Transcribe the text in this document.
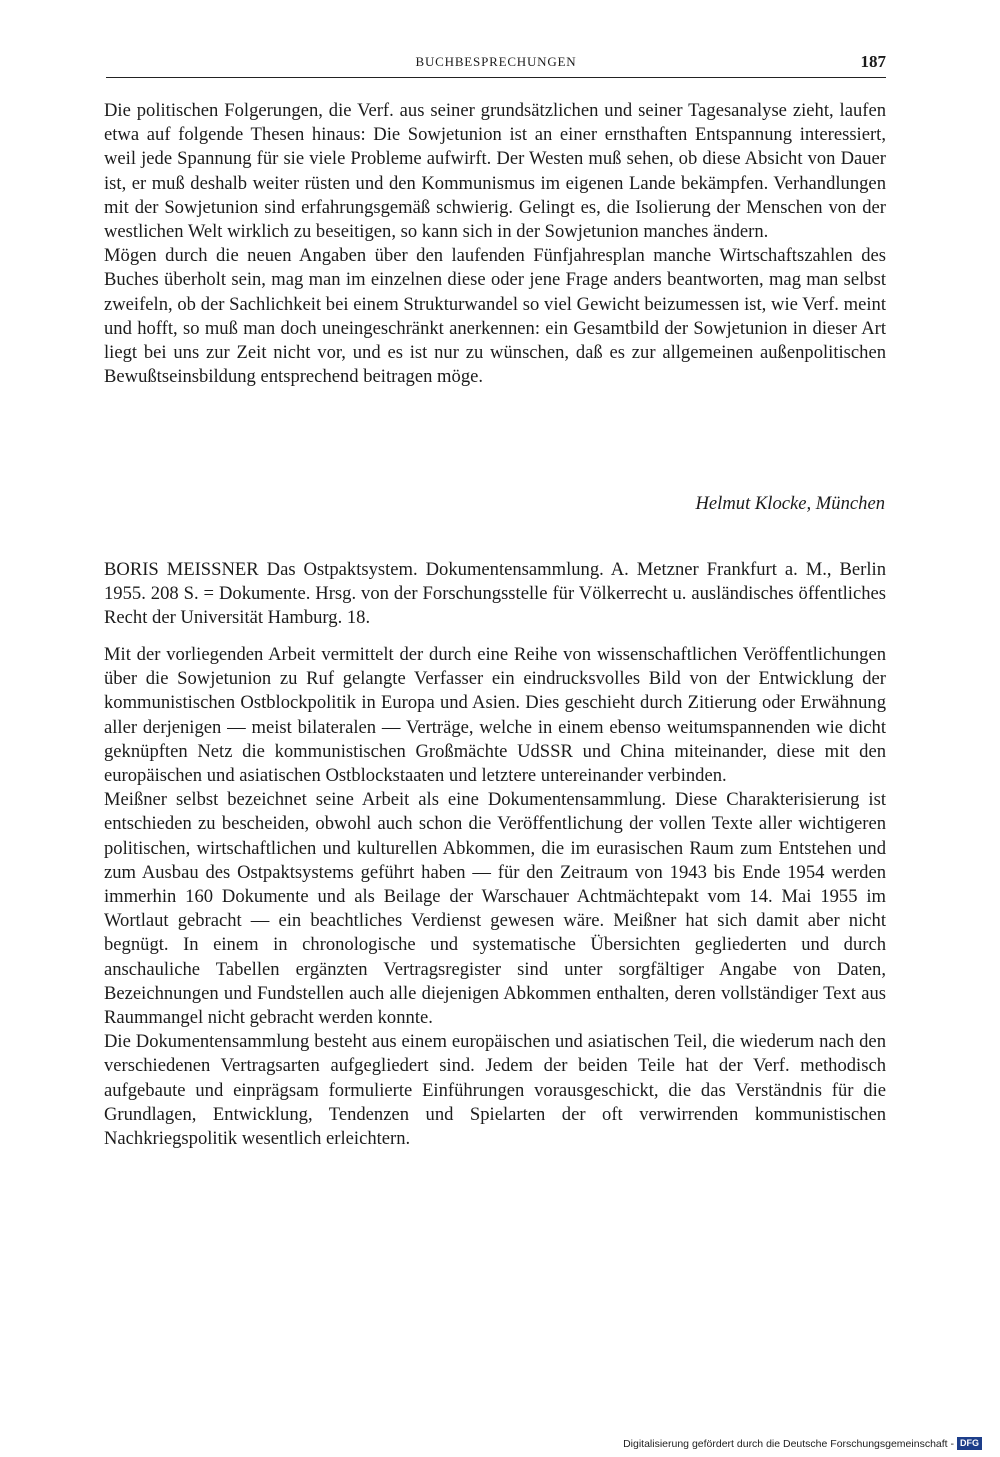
BUCHBESPRECHUNGEN	187

Die politischen Folgerungen, die Verf. aus seiner grundsätzlichen und seiner Tagesanalyse zieht, laufen etwa auf folgende Thesen hinaus: Die Sowjetunion ist an einer ernsthaften Entspannung interessiert, weil jede Spannung für sie viele Probleme aufwirft. Der Westen muß sehen, ob diese Absicht von Dauer ist, er muß deshalb weiter rüsten und den Kommunismus im eigenen Lande bekämpfen. Verhandlungen mit der Sowjetunion sind erfahrungsgemäß schwierig. Gelingt es, die Isolierung der Menschen von der westlichen Welt wirklich zu beseitigen, so kann sich in der Sowjetunion manches ändern.

Mögen durch die neuen Angaben über den laufenden Fünfjahresplan manche Wirtschaftszahlen des Buches überholt sein, mag man im einzelnen diese oder jene Frage anders beantworten, mag man selbst zweifeln, ob der Sachlichkeit bei einem Strukturwandel so viel Gewicht beizumessen ist, wie Verf. meint und hofft, so muß man doch uneingeschränkt anerkennen: ein Gesamtbild der Sowjetunion in dieser Art liegt bei uns zur Zeit nicht vor, und es ist nur zu wünschen, daß es zur allgemeinen außenpolitischen Bewußtseinsbildung entsprechend beitragen möge.

Helmut Klocke, München

BORIS MEISSNER Das Ostpaktsystem. Dokumentensammlung. A. Metzner Frankfurt a. M., Berlin 1955. 208 S. = Dokumente. Hrsg. von der Forschungsstelle für Völkerrecht u. ausländisches öffentliches Recht der Universität Hamburg. 18.

Mit der vorliegenden Arbeit vermittelt der durch eine Reihe von wissenschaftlichen Veröffentlichungen über die Sowjetunion zu Ruf gelangte Verfasser ein eindrucksvolles Bild von der Entwicklung der kommunistischen Ostblockpolitik in Europa und Asien. Dies geschieht durch Zitierung oder Erwähnung aller derjenigen — meist bilateralen — Verträge, welche in einem ebenso weitumspannenden wie dicht geknüpften Netz die kommunistischen Großmächte UdSSR und China miteinander, diese mit den europäischen und asiatischen Ostblockstaaten und letztere untereinander verbinden.

Meißner selbst bezeichnet seine Arbeit als eine Dokumentensammlung. Diese Charakterisierung ist entschieden zu bescheiden, obwohl auch schon die Veröffentlichung der vollen Texte aller wichtigeren politischen, wirtschaftlichen und kulturellen Abkommen, die im eurasischen Raum zum Entstehen und zum Ausbau des Ostpaktsystems geführt haben — für den Zeitraum von 1943 bis Ende 1954 werden immerhin 160 Dokumente und als Beilage der Warschauer Achtmächtepakt vom 14. Mai 1955 im Wortlaut gebracht — ein beachtliches Verdienst gewesen wäre. Meißner hat sich damit aber nicht begnügt. In einem in chronologische und systematische Übersichten gegliederten und durch anschauliche Tabellen ergänzten Vertragsregister sind unter sorgfältiger Angabe von Daten, Bezeichnungen und Fundstellen auch alle diejenigen Abkommen enthalten, deren vollständiger Text aus Raummangel nicht gebracht werden konnte.

Die Dokumentensammlung besteht aus einem europäischen und asiatischen Teil, die wiederum nach den verschiedenen Vertragsarten aufgegliedert sind. Jedem der beiden Teile hat der Verf. methodisch aufgebaute und einprägsam formulierte Einführungen vorausgeschickt, die das Verständnis für die Grundlagen, Entwicklung, Tendenzen und Spielarten der oft verwirrenden kommunistischen Nachkriegspolitik wesentlich erleichtern.

Digitalisierung gefördert durch die Deutsche Forschungsgemeinschaft - DFG
